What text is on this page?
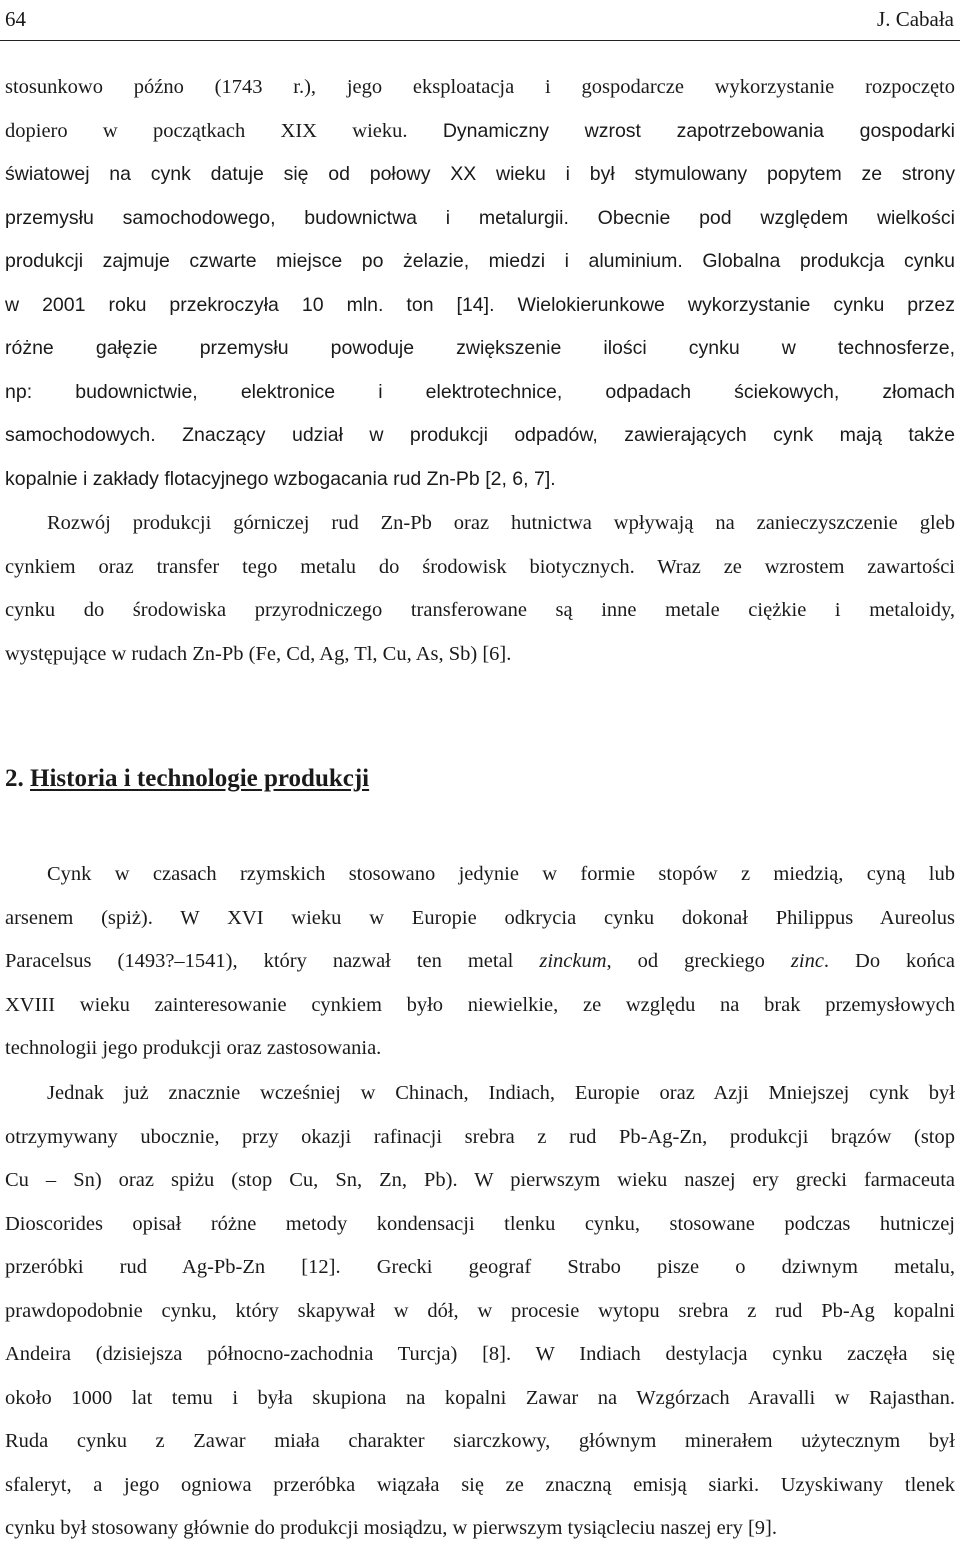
64	J. Cabała
stosunkowo późno (1743 r.), jego eksploatacja i gospodarcze wykorzystanie rozpoczęto
dopiero w początkach XIX wieku. Dynamiczny wzrost zapotrzebowania gospodarki
światowej na cynk datuje się od połowy XX wieku i był stymulowany popytem ze strony
przemysłu samochodowego, budownictwa i metalurgii. Obecnie pod względem wielkości
produkcji zajmuje czwarte miejsce po żelazie, miedzi i aluminium. Globalna produkcja cynku
w 2001 roku przekroczyła 10 mln. ton [14]. Wielokierunkowe wykorzystanie cynku przez
różne gałęzie przemysłu powoduje zwiększenie ilości cynku w technosferze,
np: budownictwie, elektronice i elektrotechnice, odpadach ściekowych, złomach
samochodowych. Znaczący udział w produkcji odpadów, zawierających cynk mają także
kopalnie i zakłady flotacyjnego wzbogacania rud Zn-Pb [2, 6, 7].
Rozwój produkcji górniczej rud Zn-Pb oraz hutnictwa wpływają na zanieczyszczenie gleb
cynkiem oraz transfer tego metalu do środowisk biotycznych. Wraz ze wzrostem zawartości
cynku do środowiska przyrodniczego transferowane są inne metale ciężkie i metaloidy,
występujące w rudach Zn-Pb (Fe, Cd, Ag, Tl, Cu, As, Sb) [6].
2. Historia i technologie produkcji
Cynk w czasach rzymskich stosowano jedynie w formie stopów z miedzią, cyną lub
arsenem (spiż). W XVI wieku w Europie odkrycia cynku dokonał Philippus Aureolus
Paracelsus (1493?–1541), który nazwał ten metal zinckum, od greckiego zinc. Do końca
XVIII wieku zainteresowanie cynkiem było niewielkie, ze względu na brak przemysłowych
technologii jego produkcji oraz zastosowania.
Jednak już znacznie wcześniej w Chinach, Indiach, Europie oraz Azji Mniejszej cynk był
otrzymywany ubocznie, przy okazji rafinacji srebra z rud Pb-Ag-Zn, produkcji brązów (stop
Cu – Sn) oraz spiżu (stop Cu, Sn, Zn, Pb). W pierwszym wieku naszej ery grecki farmaceuta
Dioscorides opisał różne metody kondensacji tlenku cynku, stosowane podczas hutniczej
przeróbki rud Ag-Pb-Zn [12]. Grecki geograf Strabo pisze o dziwnym metalu,
prawdopodobnie cynku, który skapywał w dół, w procesie wytopu srebra z rud Pb-Ag kopalni
Andeira (dzisiejsza północno-zachodnia Turcja) [8]. W Indiach destylacja cynku zaczęła się
około 1000 lat temu i była skupiona na kopalni Zawar na Wzgórzach Aravalli w Rajasthan.
Ruda cynku z Zawar miała charakter siarczkowy, głównym minerałem użytecznym był
sfaleryt, a jego ogniowa przeróbka wiązała się ze znaczną emisją siarki. Uzyskiwany tlenek
cynku był stosowany głównie do produkcji mosiądzu, w pierwszym tysiącleciu naszej ery [9].
